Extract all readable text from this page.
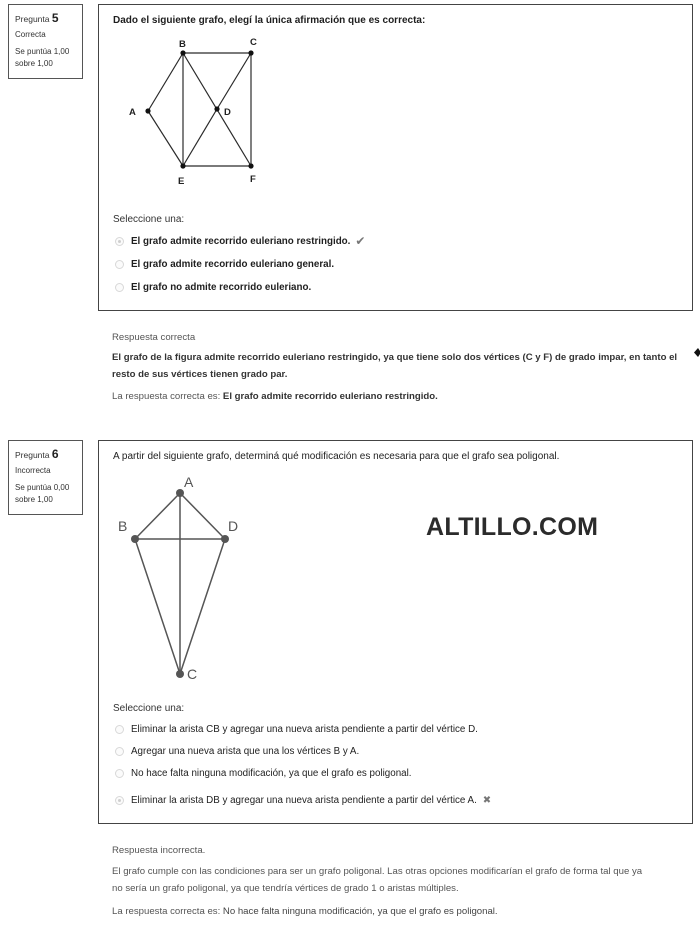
Pregunta 5
Correcta
Se puntúa 1,00
sobre 1,00
Dado el siguiente grafo, elegí la única afirmación que es correcta:
Seleccione una:
El grafo admite recorrido euleriano restringido. ✔
El grafo admite recorrido euleriano general.
El grafo no admite recorrido euleriano.
B	C
A	D
E	F
Respuesta correcta
El grafo de la figura admite recorrido euleriano restringido, ya que tiene solo dos vértices (C y F) de grado impar, en tanto el
resto de sus vértices tienen grado par.
La respuesta correcta es: El grafo admite recorrido euleriano restringido.
Pregunta 6
Incorrecta
Se puntúa 0,00
sobre 1,00
A partir del siguiente grafo, determiná qué modificación es necesaria para que el grafo sea poligonal.
Seleccione una:
Eliminar la arista CB y agregar una nueva arista pendiente a partir del vértice D.
Agregar una nueva arista que una los vértices B y A.
No hace falta ninguna modificación, ya que el grafo es poligonal.
Eliminar la arista DB y agregar una nueva arista pendiente a partir del vértice A. ✖
A
B	D
C
ALTILLO.COM
Respuesta incorrecta.
El grafo cumple con las condiciones para ser un grafo poligonal. Las otras opciones modificarían el grafo de forma tal que ya
no sería un grafo poligonal, ya que tendría vértices de grado 1 o aristas múltiples.
La respuesta correcta es: No hace falta ninguna modificación, ya que el grafo es poligonal.
